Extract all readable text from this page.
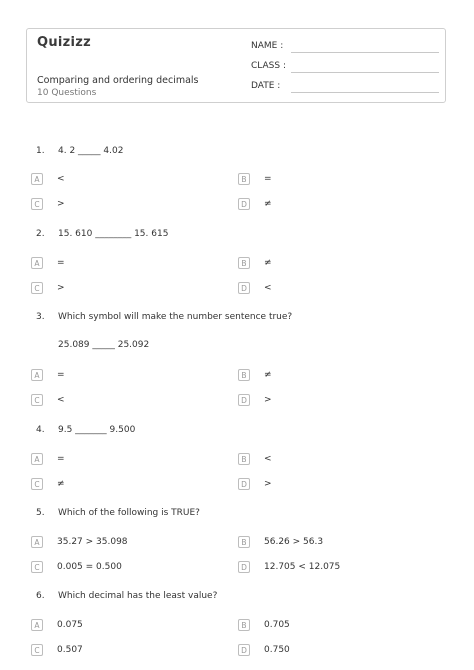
Quizizz
Comparing and ordering decimals
10 Questions
NAME :
CLASS :
DATE :
1. 4. 2 _____ 4.02
A	<	B	=
C	>	D	≠
2. 15. 610 ________ 15. 615
A	=	B	≠
C	>	D	<
3. Which symbol will make the number sentence true?
25.089 _____ 25.092
A	=	B	≠
C	<	D	>
4. 9.5 _______ 9.500
A	=	B	<
C	≠	D	>
5. Which of the following is TRUE?
A	35.27 > 35.098	B	56.26 > 56.3
C	0.005 = 0.500	D	12.705 < 12.075
6. Which decimal has the least value?
A	0.075	B	0.705
C	0.507	D	0.750
